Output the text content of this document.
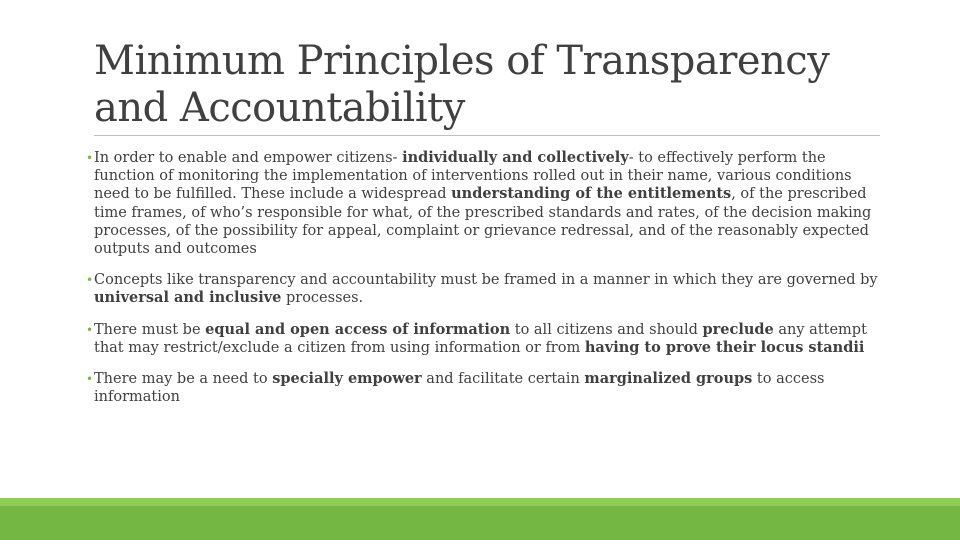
Minimum Principles of Transparency
and Accountability

• In order to enable and empower citizens- individually and collectively- to effectively perform the function of monitoring the implementation of interventions rolled out in their name, various conditions need to be fulfilled. These include a widespread understanding of the entitlements, of the prescribed time frames, of who’s responsible for what, of the prescribed standards and rates, of the decision making processes, of the possibility for appeal, complaint or grievance redressal, and of the reasonably expected outputs and outcomes

• Concepts like transparency and accountability must be framed in a manner in which they are governed by universal and inclusive processes.

• There must be equal and open access of information to all citizens and should preclude any attempt that may restrict/exclude a citizen from using information or from having to prove their locus standii

• There may be a need to specially empower and facilitate certain marginalized groups to access information
